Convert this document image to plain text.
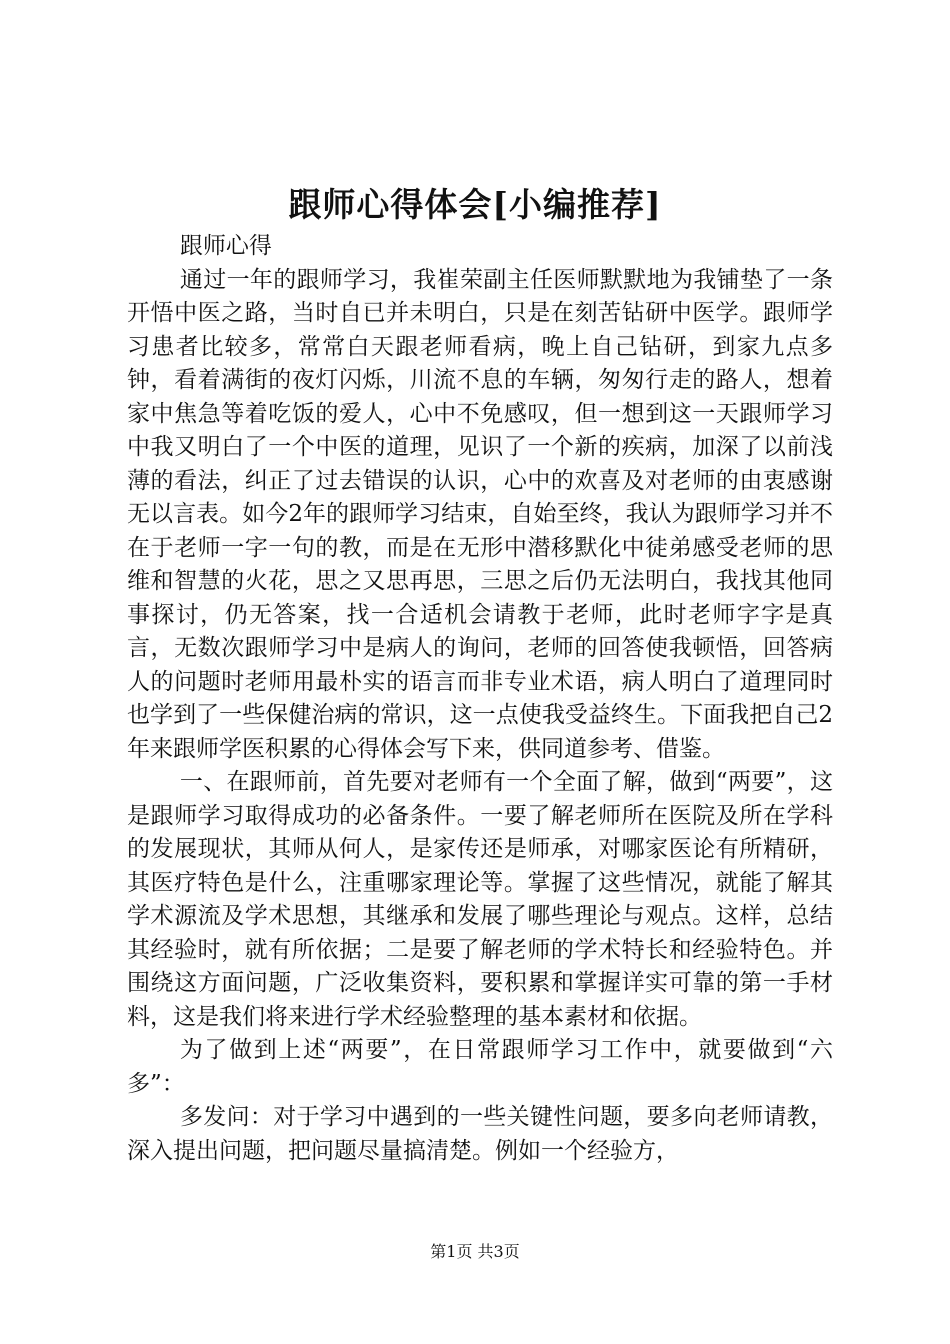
跟师心得体会[小编推荐]

跟师心得

通过一年的跟师学习，我崔荣副主任医师默默地为我铺垫了一条开悟中医之路，当时自已并未明白，只是在刻苦钻研中医学。跟师学习患者比较多，常常白天跟老师看病，晚上自己钻研，到家九点多钟，看着满街的夜灯闪烁，川流不息的车辆，匆匆行走的路人，想着家中焦急等着吃饭的爱人，心中不免感叹，但一想到这一天跟师学习中我又明白了一个中医的道理，见识了一个新的疾病，加深了以前浅薄的看法，纠正了过去错误的认识，心中的欢喜及对老师的由衷感谢无以言表。如今2年的跟师学习结束，自始至终，我认为跟师学习并不在于老师一字一句的教，而是在无形中潜移默化中徒弟感受老师的思维和智慧的火花，思之又思再思，三思之后仍无法明白，我找其他同事探讨，仍无答案，找一合适机会请教于老师，此时老师字字是真言，无数次跟师学习中是病人的询问，老师的回答使我顿悟，回答病人的问题时老师用最朴实的语言而非专业术语，病人明白了道理同时也学到了一些保健治病的常识，这一点使我受益终生。下面我把自己2年来跟师学医积累的心得体会写下来，供同道参考、借鉴。

一、在跟师前，首先要对老师有一个全面了解，做到“两要”，这是跟师学习取得成功的必备条件。一要了解老师所在医院及所在学科的发展现状，其师从何人，是家传还是师承，对哪家医论有所精研，其医疗特色是什么，注重哪家理论等。掌握了这些情况，就能了解其学术源流及学术思想，其继承和发展了哪些理论与观点。这样，总结其经验时，就有所依据；二是要了解老师的学术特长和经验特色。并围绕这方面问题，广泛收集资料，要积累和掌握详实可靠的第一手材料，这是我们将来进行学术经验整理的基本素材和依据。

为了做到上述“两要”，在日常跟师学习工作中，就要做到“六多”：

多发问：对于学习中遇到的一些关键性问题，要多向老师请教，深入提出问题，把问题尽量搞清楚。例如一个经验方，

第1页 共3页
